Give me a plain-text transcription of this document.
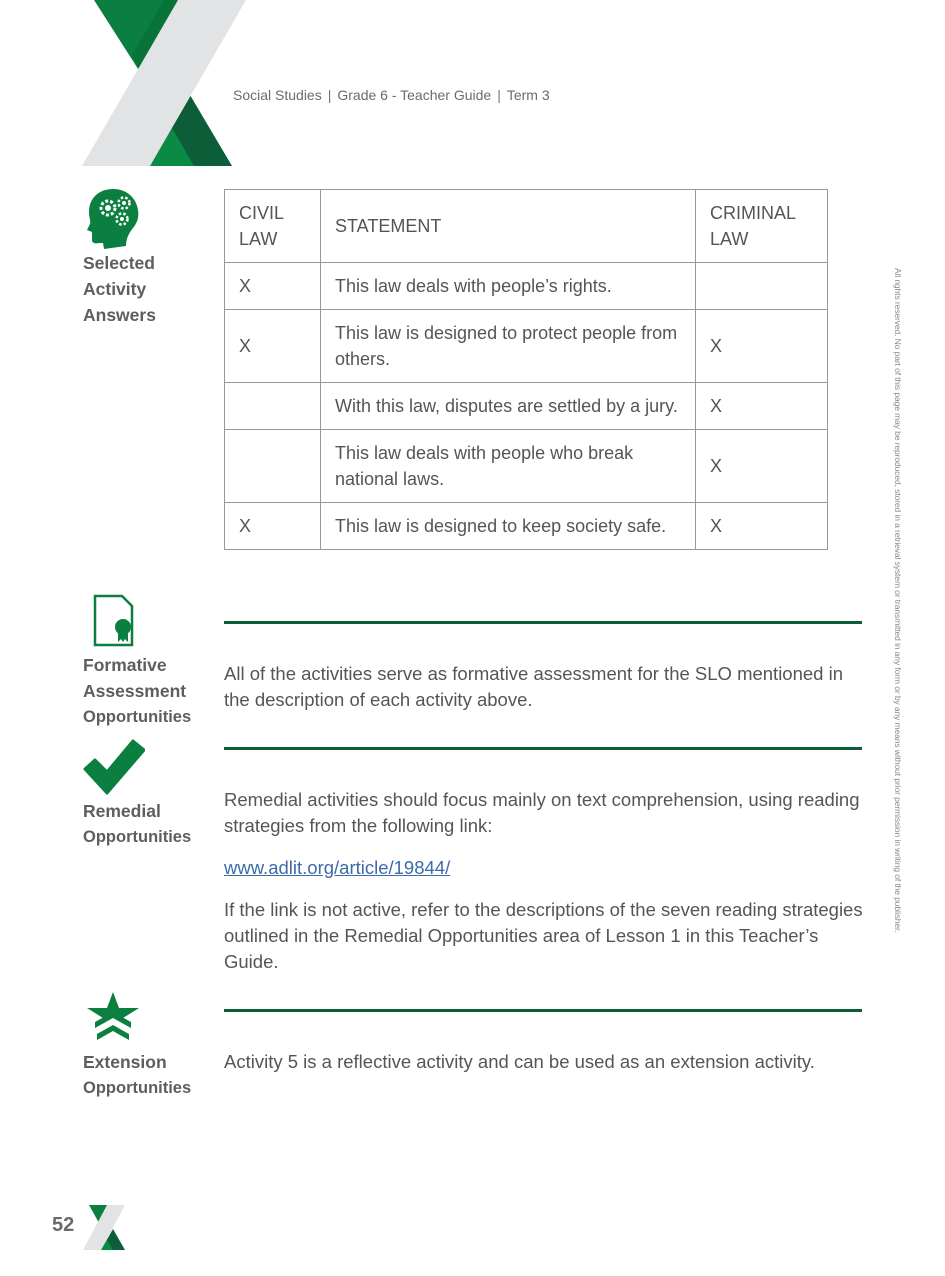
Social Studies | Grade 6 - Teacher Guide | Term 3
Selected
Activity
Answers
CIVIL LAW	STATEMENT	CRIMINAL LAW
X	This law deals with people’s rights.	
X	This law is designed to protect people from others.	X
	With this law, disputes are settled by a jury.	X
	This law deals with people who break national laws.	X
X	This law is designed to keep society safe.	X
Formative
Assessment
Opportunities

All of the activities serve as formative assessment for the SLO mentioned in the description of each activity above.

Remedial
Opportunities

Remedial activities should focus mainly on text comprehension, using reading strategies from the following link:

www.adlit.org/article/19844/

If the link is not active, refer to the descriptions of the seven reading strategies outlined in the Remedial Opportunities area of Lesson 1 in this Teacher’s Guide.

Extension
Opportunities

Activity 5 is a reflective activity and can be used as an extension activity.

All rights reserved. No part of this page may be reproduced, stored in a retrieval system or transmitted in any form or by any means without prior permission in writing of the publisher.
52
